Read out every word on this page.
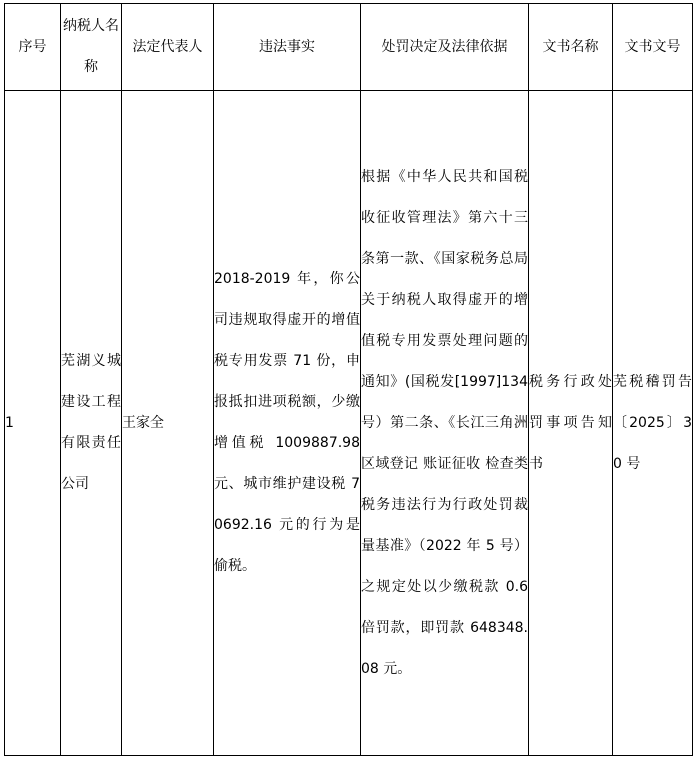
序号	纳税人名称	法定代表人	违法事实	处罚决定及法律依据	文书名称	文书文号

1	芜湖义城建设工程有限责任公司	王家全	2018-2019 年，你公司违规取得虚开的增值税专用发票 71 份，申报抵扣进项税额，少缴增值税 1009887.98 元、城市维护建设税 70692.16 元的行为是偷税。	根据《中华人民共和国税收征收管理法》第六十三条第一款、《国家税务总局关于纳税人取得虚开的增值税专用发票处理问题的通知》(国税发[1997]134 号）第二条、《长江三角洲区域登记 账证征收 检查类税务违法行为行政处罚裁量基准》（2022 年 5 号）之规定处以少缴税款 0.6 倍罚款，即罚款 648348.08 元。	税务行政处罚事项告知书	芜税稽罚告〔2025〕30 号
